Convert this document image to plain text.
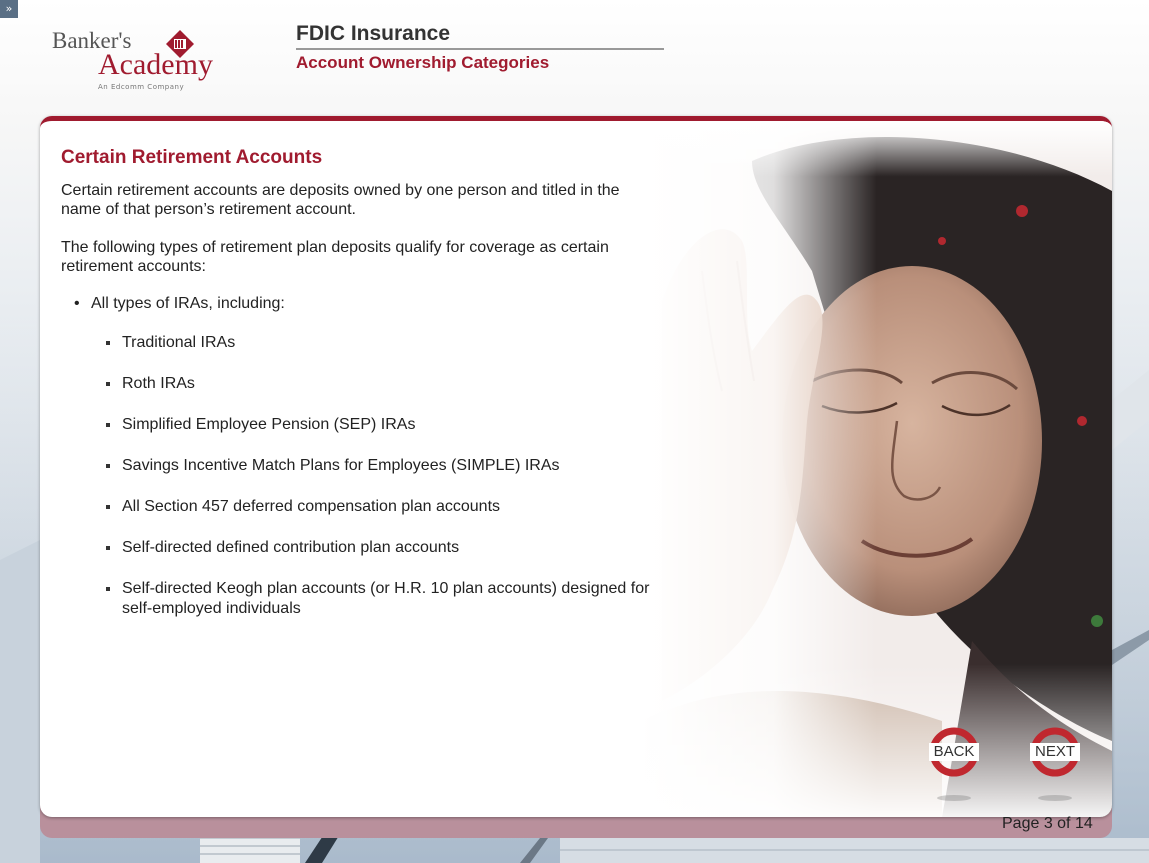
»
Banker's
Academy
An Edcomm Company
FDIC Insurance
Account Ownership Categories
Certain Retirement Accounts

Certain retirement accounts are deposits owned by one person and titled in the name of that person’s retirement account.

The following types of retirement plan deposits qualify for coverage as certain retirement accounts:

• All types of IRAs, including:
Traditional IRAs
Roth IRAs
Simplified Employee Pension (SEP) IRAs
Savings Incentive Match Plans for Employees (SIMPLE) IRAs
All Section 457 deferred compensation plan accounts
Self-directed defined contribution plan accounts
Self-directed Keogh plan accounts (or H.R. 10 plan accounts) designed for self-employed individuals
BACK	NEXT
Page 3 of 14
